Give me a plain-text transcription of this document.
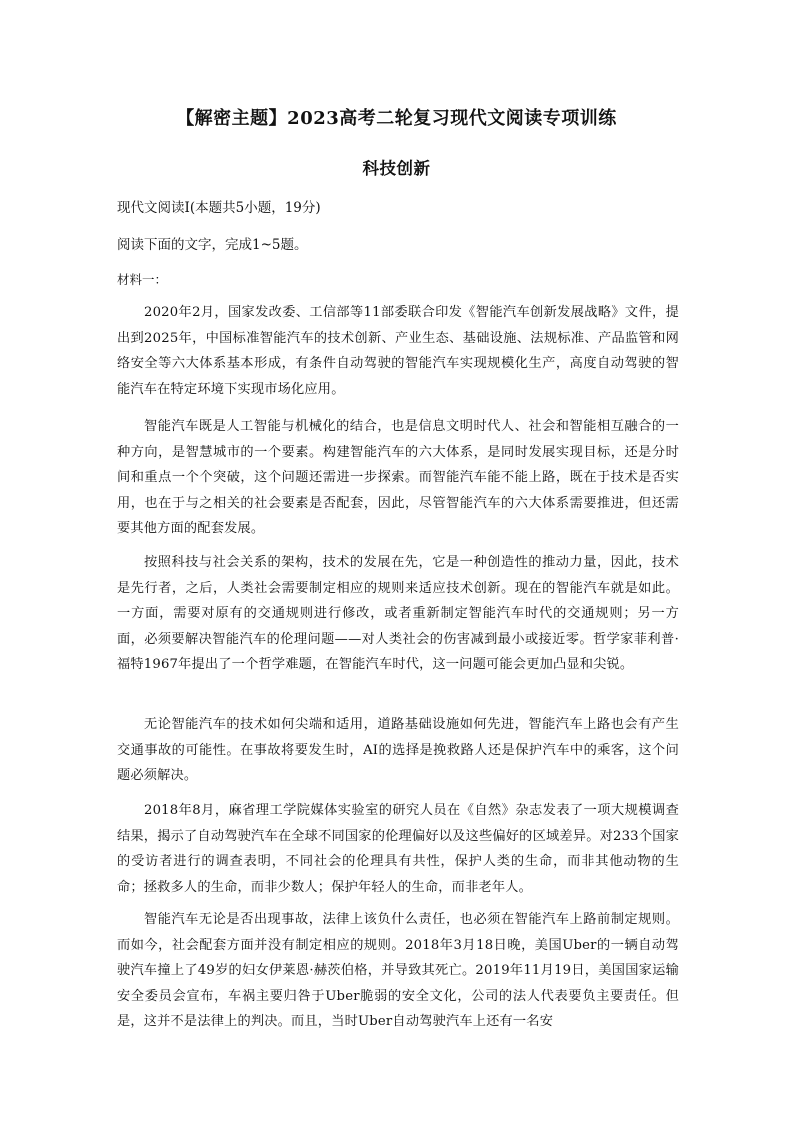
【解密主题】2023高考二轮复习现代文阅读专项训练
科技创新
现代文阅读Ⅰ(本题共5小题，19分)
阅读下面的文字，完成1~5题。
材料一：

2020年2月，国家发改委、工信部等11部委联合印发《智能汽车创新发展战略》文件，提出到2025年，中国标准智能汽车的技术创新、产业生态、基础设施、法规标准、产品监管和网络安全等六大体系基本形成，有条件自动驾驶的智能汽车实现规模化生产，高度自动驾驶的智能汽车在特定环境下实现市场化应用。

智能汽车既是人工智能与机械化的结合，也是信息文明时代人、社会和智能相互融合的一种方向，是智慧城市的一个要素。构建智能汽车的六大体系，是同时发展实现目标，还是分时间和重点一个个突破，这个问题还需进一步探索。而智能汽车能不能上路，既在于技术是否实用，也在于与之相关的社会要素是否配套，因此，尽管智能汽车的六大体系需要推进，但还需要其他方面的配套发展。

按照科技与社会关系的架构，技术的发展在先，它是一种创造性的推动力量，因此，技术是先行者，之后，人类社会需要制定相应的规则来适应技术创新。现在的智能汽车就是如此。一方面，需要对原有的交通规则进行修改，或者重新制定智能汽车时代的交通规则；另一方面，必须要解决智能汽车的伦理问题——对人类社会的伤害减到最小或接近零。哲学家菲利普·福特1967年提出了一个哲学难题，在智能汽车时代，这一问题可能会更加凸显和尖锐。

无论智能汽车的技术如何尖端和适用，道路基础设施如何先进，智能汽车上路也会有产生交通事故的可能性。在事故将要发生时，AI的选择是挽救路人还是保护汽车中的乘客，这个问题必须解决。

2018年8月，麻省理工学院媒体实验室的研究人员在《自然》杂志发表了一项大规模调查结果，揭示了自动驾驶汽车在全球不同国家的伦理偏好以及这些偏好的区域差异。对233个国家的受访者进行的调查表明，不同社会的伦理具有共性，保护人类的生命，而非其他动物的生命；拯救多人的生命，而非少数人；保护年轻人的生命，而非老年人。

智能汽车无论是否出现事故，法律上该负什么责任，也必须在智能汽车上路前制定规则。而如今，社会配套方面并没有制定相应的规则。2018年3月18日晚，美国Uber的一辆自动驾驶汽车撞上了49岁的妇女伊莱恩·赫茨伯格，并导致其死亡。2019年11月19日，美国国家运输安全委员会宣布，车祸主要归咎于Uber脆弱的安全文化，公司的法人代表要负主要责任。但是，这并不是法律上的判决。而且，当时Uber自动驾驶汽车上还有一名安
